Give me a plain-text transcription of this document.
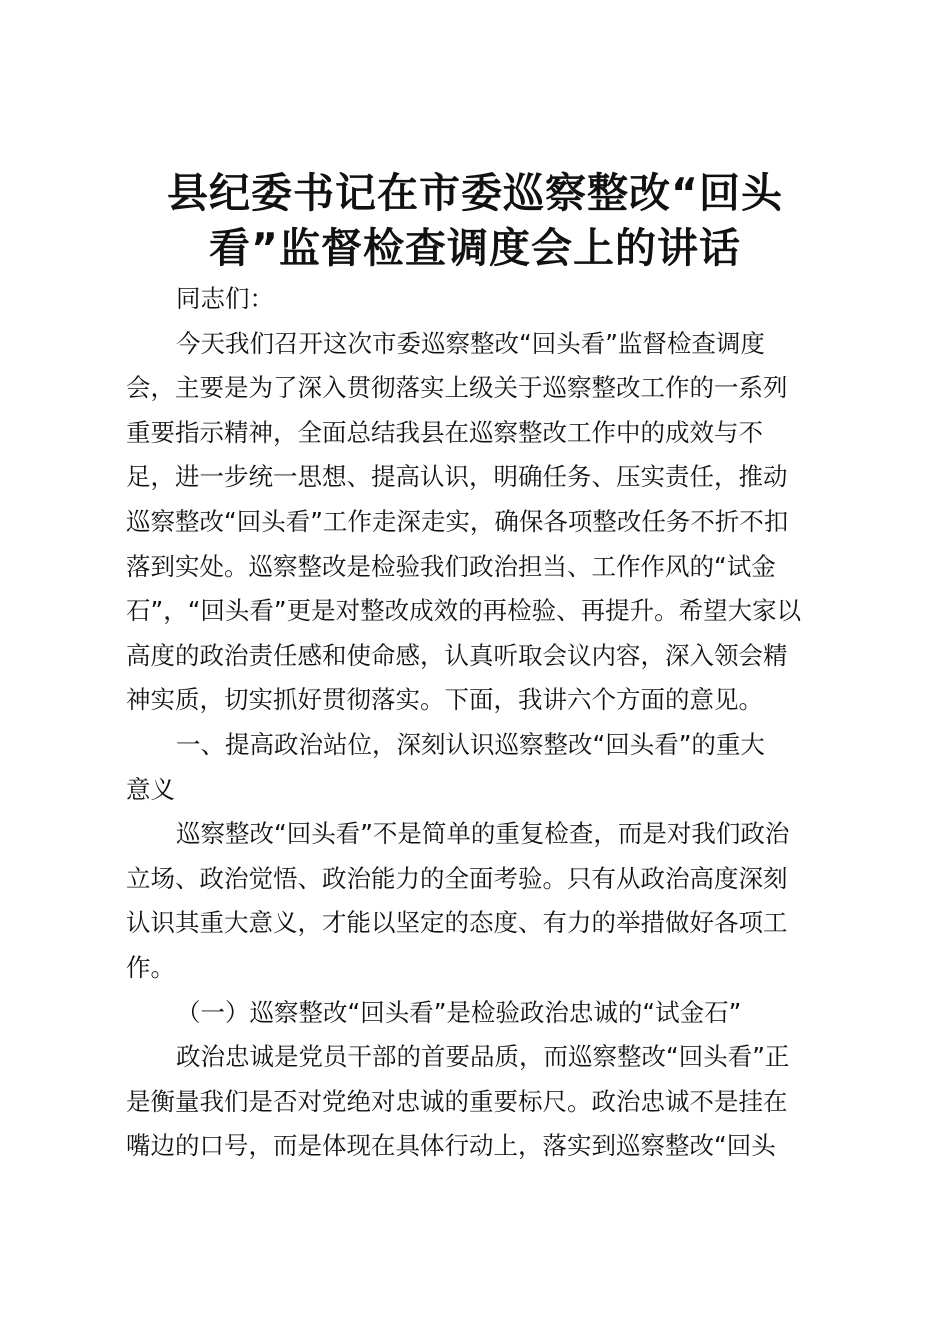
县纪委书记在市委巡察整改“回头
看”监督检查调度会上的讲话
同志们：
今天我们召开这次市委巡察整改“回头看”监督检查调度
会，主要是为了深入贯彻落实上级关于巡察整改工作的一系列
重要指示精神，全面总结我县在巡察整改工作中的成效与不
足，进一步统一思想、提高认识，明确任务、压实责任，推动
巡察整改“回头看”工作走深走实，确保各项整改任务不折不扣
落到实处。巡察整改是检验我们政治担当、工作作风的“试金
石”，“回头看”更是对整改成效的再检验、再提升。希望大家以
高度的政治责任感和使命感，认真听取会议内容，深入领会精
神实质，切实抓好贯彻落实。下面，我讲六个方面的意见。
一、提高政治站位，深刻认识巡察整改“回头看”的重大
意义
巡察整改“回头看”不是简单的重复检查，而是对我们政治
立场、政治觉悟、政治能力的全面考验。只有从政治高度深刻
认识其重大意义，才能以坚定的态度、有力的举措做好各项工
作。
（一）巡察整改“回头看”是检验政治忠诚的“试金石”
政治忠诚是党员干部的首要品质，而巡察整改“回头看”正
是衡量我们是否对党绝对忠诚的重要标尺。政治忠诚不是挂在
嘴边的口号，而是体现在具体行动上，落实到巡察整改“回头
